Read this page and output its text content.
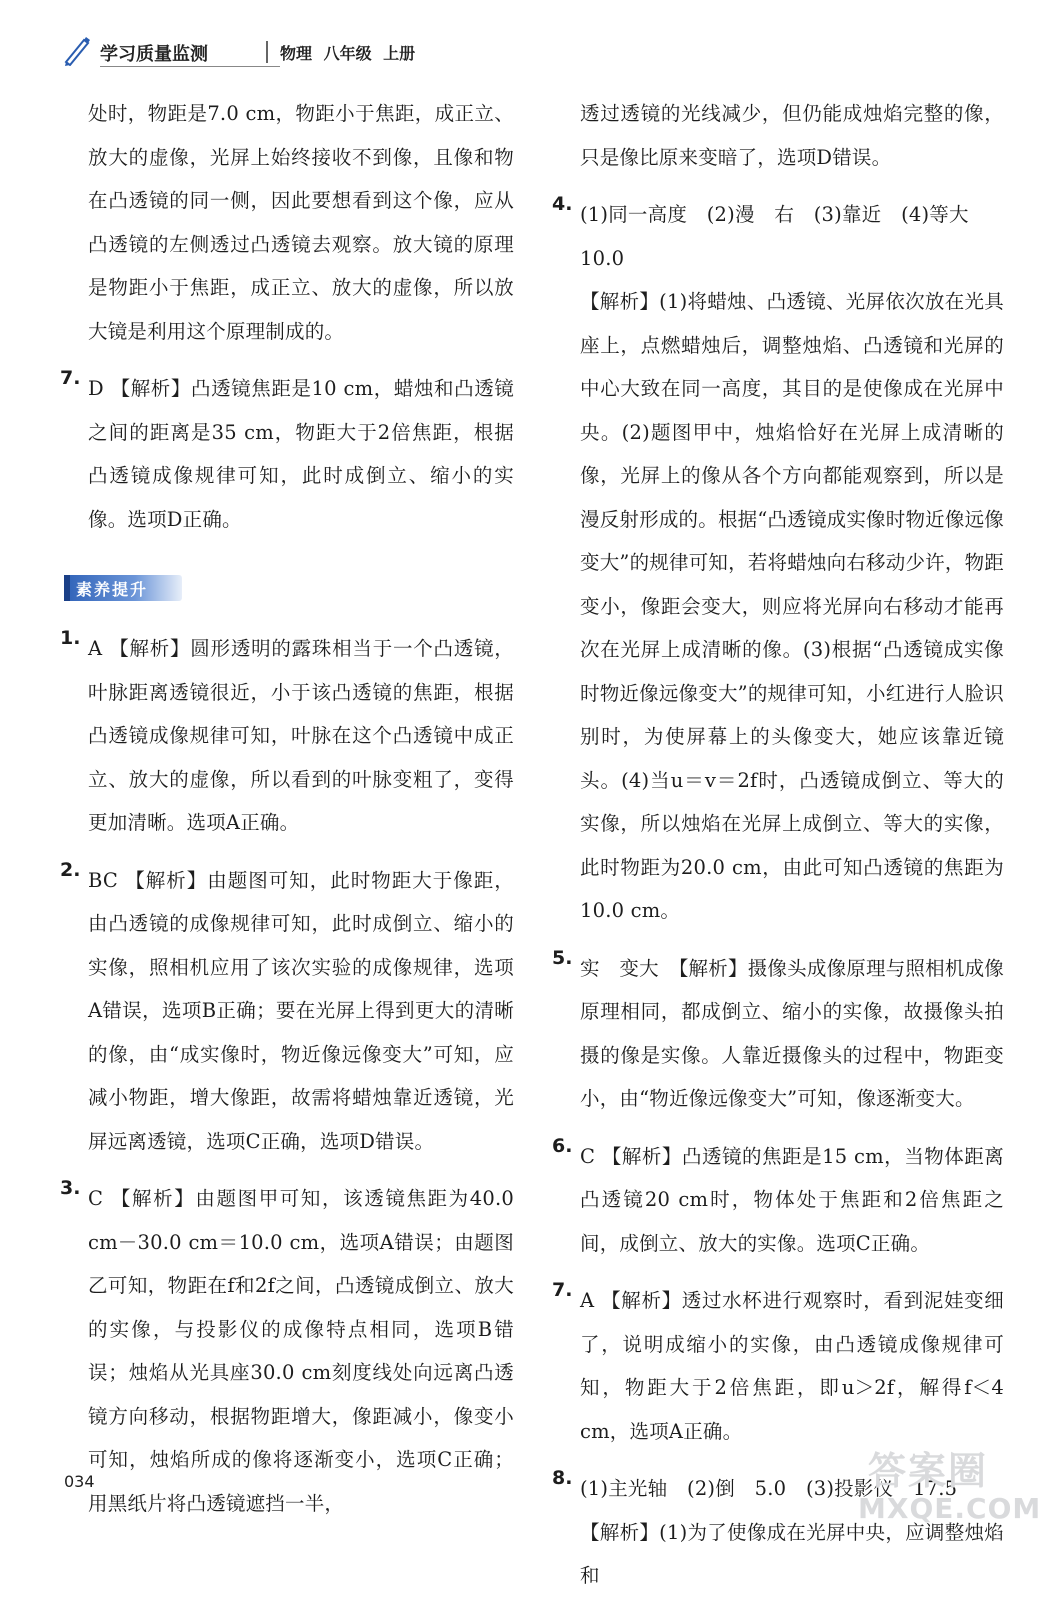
学习质量监测	物理 八年级 上册

处时，物距是7.0 cm，物距小于焦距，成正立、放大的虚像，光屏上始终接收不到像，且像和物在凸透镜的同一侧，因此要想看到这个像，应从凸透镜的左侧透过凸透镜去观察。放大镜的原理是物距小于焦距，成正立、放大的虚像，所以放大镜是利用这个原理制成的。

7. D 【解析】凸透镜焦距是10 cm，蜡烛和凸透镜之间的距离是35 cm，物距大于2倍焦距，根据凸透镜成像规律可知，此时成倒立、缩小的实像。选项D正确。

素养提升
1. A 【解析】圆形透明的露珠相当于一个凸透镜，叶脉距离透镜很近，小于该凸透镜的焦距，根据凸透镜成像规律可知，叶脉在这个凸透镜中成正立、放大的虚像，所以看到的叶脉变粗了，变得更加清晰。选项A正确。

2. BC 【解析】由题图可知，此时物距大于像距，由凸透镜的成像规律可知，此时成倒立、缩小的实像，照相机应用了该次实验的成像规律，选项A错误，选项B正确；要在光屏上得到更大的清晰的像，由“成实像时，物近像远像变大”可知，应减小物距，增大像距，故需将蜡烛靠近透镜，光屏远离透镜，选项C正确，选项D错误。

3. C 【解析】由题图甲可知，该透镜焦距为40.0 cm－30.0 cm＝10.0 cm，选项A错误；由题图乙可知，物距在f和2f之间，凸透镜成倒立、放大的实像，与投影仪的成像特点相同，选项B错误；烛焰从光具座30.0 cm刻度线处向远离凸透镜方向移动，根据物距增大，像距减小，像变小可知，烛焰所成的像将逐渐变小，选项C正确；用黑纸片将凸透镜遮挡一半，

透过透镜的光线减少，但仍能成烛焰完整的像，只是像比原来变暗了，选项D错误。

4. (1)同一高度　(2)漫　右　(3)靠近　(4)等大

10.0

【解析】(1)将蜡烛、凸透镜、光屏依次放在光具座上，点燃蜡烛后，调整烛焰、凸透镜和光屏的中心大致在同一高度，其目的是使像成在光屏中央。(2)题图甲中，烛焰恰好在光屏上成清晰的像，光屏上的像从各个方向都能观察到，所以是漫反射形成的。根据“凸透镜成实像时物近像远像变大”的规律可知，若将蜡烛向右移动少许，物距变小，像距会变大，则应将光屏向右移动才能再次在光屏上成清晰的像。(3)根据“凸透镜成实像时物近像远像变大”的规律可知，小红进行人脸识别时，为使屏幕上的头像变大，她应该靠近镜头。(4)当u＝v＝2f时，凸透镜成倒立、等大的实像，所以烛焰在光屏上成倒立、等大的实像，此时物距为20.0 cm，由此可知凸透镜的焦距为10.0 cm。

5. 实　变大　【解析】摄像头成像原理与照相机成像原理相同，都成倒立、缩小的实像，故摄像头拍摄的像是实像。人靠近摄像头的过程中，物距变小，由“物近像远像变大”可知，像逐渐变大。

6. C 【解析】凸透镜的焦距是15 cm，当物体距离凸透镜20 cm时，物体处于焦距和2倍焦距之间，成倒立、放大的实像。选项C正确。

7. A 【解析】透过水杯进行观察时，看到泥娃变细了，说明成缩小的实像，由凸透镜成像规律可知，物距大于2倍焦距，即u＞2f，解得f＜4 cm，选项A正确。

8. (1)主光轴　(2)倒　5.0　(3)投影仪　17.5

【解析】(1)为了使像成在光屏中央，应调整烛焰和

034	答案圈
MXQE.COM
